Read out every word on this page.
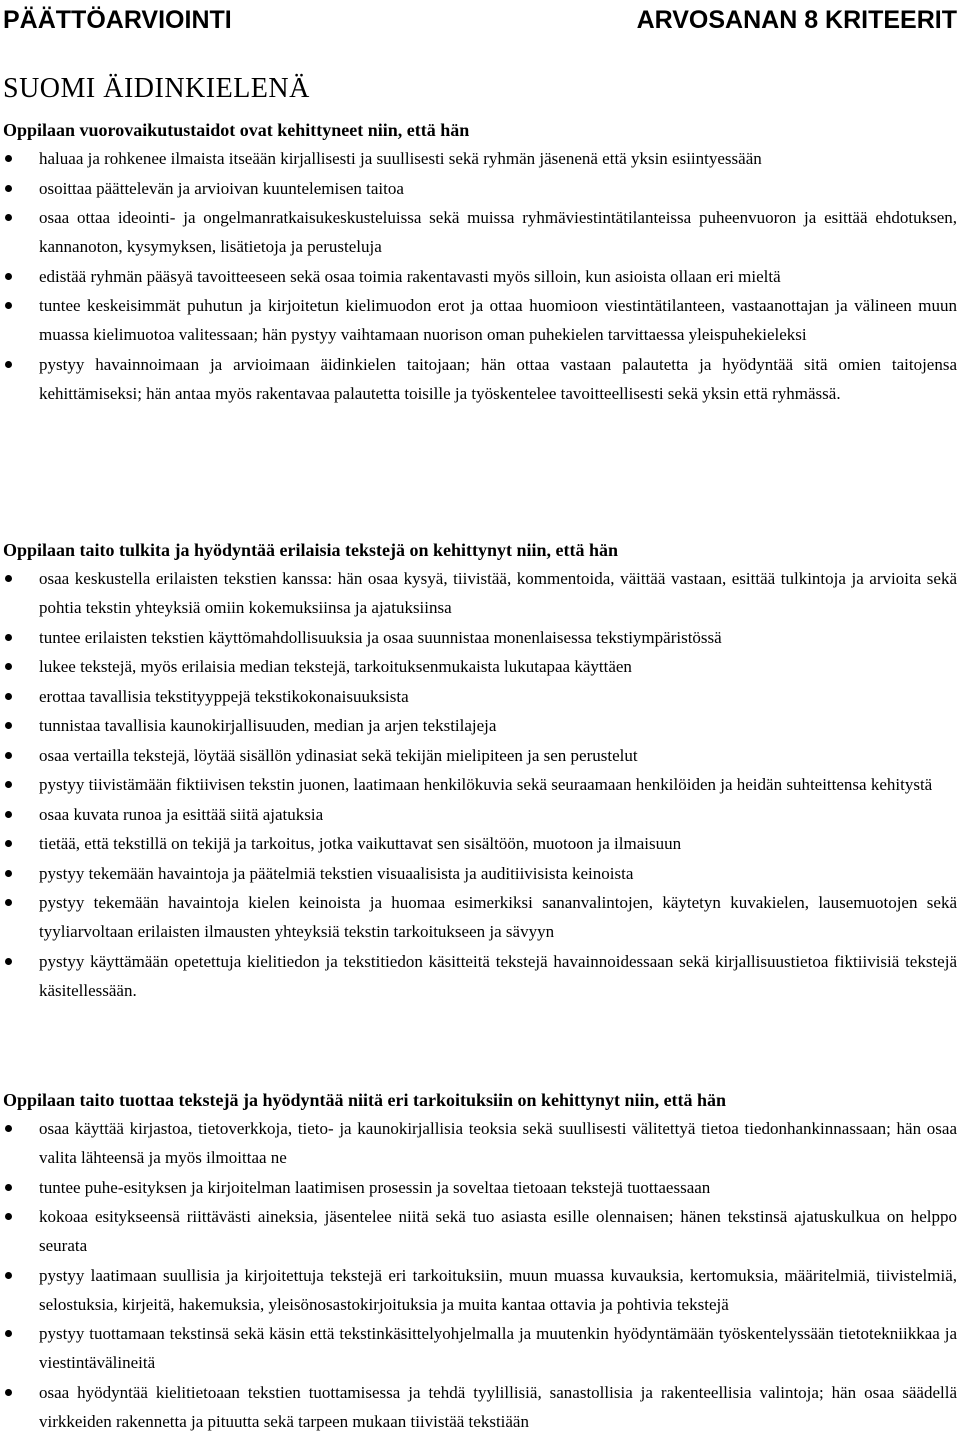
PÄÄTTÖARVIOINTI	ARVOSANAN 8 KRITEERIT
SUOMI ÄIDINKIELENÄ
Oppilaan vuorovaikutustaidot ovat kehittyneet niin, että hän
haluaa ja rohkenee ilmaista itseään kirjallisesti ja suullisesti sekä ryhmän jäsenenä että yksin esiintyessään
osoittaa päättelevän ja arvioivan kuuntelemisen taitoa
osaa ottaa ideointi- ja ongelmanratkaisukeskusteluissa sekä muissa ryhmäviestintätilanteissa puheenvuoron ja esittää ehdotuksen, kannanoton, kysymyksen, lisätietoja ja perusteluja
edistää ryhmän pääsyä tavoitteeseen sekä osaa toimia rakentavasti myös silloin, kun asioista ollaan eri mieltä
tuntee keskeisimmät puhutun ja kirjoitetun kielimuodon erot ja ottaa huomioon viestintätilanteen, vastaanottajan ja välineen muun muassa kielimuotoa valitessaan; hän pystyy vaihtamaan nuorison oman puhekielen tarvittaessa yleispuhekieleksi
pystyy havainnoimaan ja arvioimaan äidinkielen taitojaan; hän ottaa vastaan palautetta ja hyödyntää sitä omien taitojensa kehittämiseksi; hän antaa myös rakentavaa palautetta toisille ja työskentelee tavoitteellisesti sekä yksin että ryhmässä.
Oppilaan taito tulkita ja hyödyntää erilaisia tekstejä on kehittynyt niin, että hän
osaa keskustella erilaisten tekstien kanssa: hän osaa kysyä, tiivistää, kommentoida, väittää vastaan, esittää tulkintoja ja arvioita sekä pohtia tekstin yhteyksiä omiin kokemuksiinsa ja ajatuksiinsa
tuntee erilaisten tekstien käyttömahdollisuuksia ja osaa suunnistaa monenlaisessa tekstiympäristössä
lukee tekstejä, myös erilaisia median tekstejä, tarkoituksenmukaista lukutapaa käyttäen
erottaa tavallisia tekstityyppejä tekstikokonaisuuksista
tunnistaa tavallisia kaunokirjallisuuden, median ja arjen tekstilajeja
osaa vertailla tekstejä, löytää sisällön ydinasiat sekä tekijän mielipiteen ja sen perustelut
pystyy tiivistämään fiktiivisen tekstin juonen, laatimaan henkilökuvia sekä seuraamaan henkilöiden ja heidän suhteittensa kehitystä
osaa kuvata runoa ja esittää siitä ajatuksia
tietää, että tekstillä on tekijä ja tarkoitus, jotka vaikuttavat sen sisältöön, muotoon ja ilmaisuun
pystyy tekemään havaintoja ja päätelmiä tekstien visuaalisista ja auditiivisista keinoista
pystyy tekemään havaintoja kielen keinoista ja huomaa esimerkiksi sananvalintojen, käytetyn kuvakielen, lausemuotojen sekä tyyliarvoltaan erilaisten ilmausten yhteyksiä tekstin tarkoitukseen ja sävyyn
pystyy käyttämään opetettuja kielitiedon ja tekstitiedon käsitteitä tekstejä havainnoidessaan sekä kirjallisuustietoa fiktiivisiä tekstejä käsitellessään.
Oppilaan taito tuottaa tekstejä ja hyödyntää niitä eri tarkoituksiin on kehittynyt niin, että hän
osaa käyttää kirjastoa, tietoverkkoja, tieto- ja kaunokirjallisia teoksia sekä suullisesti välitettyä tietoa tiedonhankinnassaan; hän osaa valita lähteensä ja myös ilmoittaa ne
tuntee puhe-esityksen ja kirjoitelman laatimisen prosessin ja soveltaa tietoaan tekstejä tuottaessaan
kokoaa esitykseensä riittävästi aineksia, jäsentelee niitä sekä tuo asiasta esille olennaisen; hänen tekstinsä ajatuskulkua on helppo seurata
pystyy laatimaan suullisia ja kirjoitettuja tekstejä eri tarkoituksiin, muun muassa kuvauksia, kertomuksia, määritelmiä, tiivistelmiä, selostuksia, kirjeitä, hakemuksia, yleisönosastokirjoituksia ja muita kantaa ottavia ja pohtivia tekstejä
pystyy tuottamaan tekstinsä sekä käsin että tekstinkäsittelyohjelmalla ja muutenkin hyödyntämään työskentelyssään tietotekniikkaa ja viestintävälineitä
osaa hyödyntää kielitietoaan tekstien tuottamisessa ja tehdä tyylillisiä, sanastollisia ja rakenteellisia valintoja; hän osaa säädellä virkkeiden rakennetta ja pituutta sekä tarpeen mukaan tiivistää tekstiään
